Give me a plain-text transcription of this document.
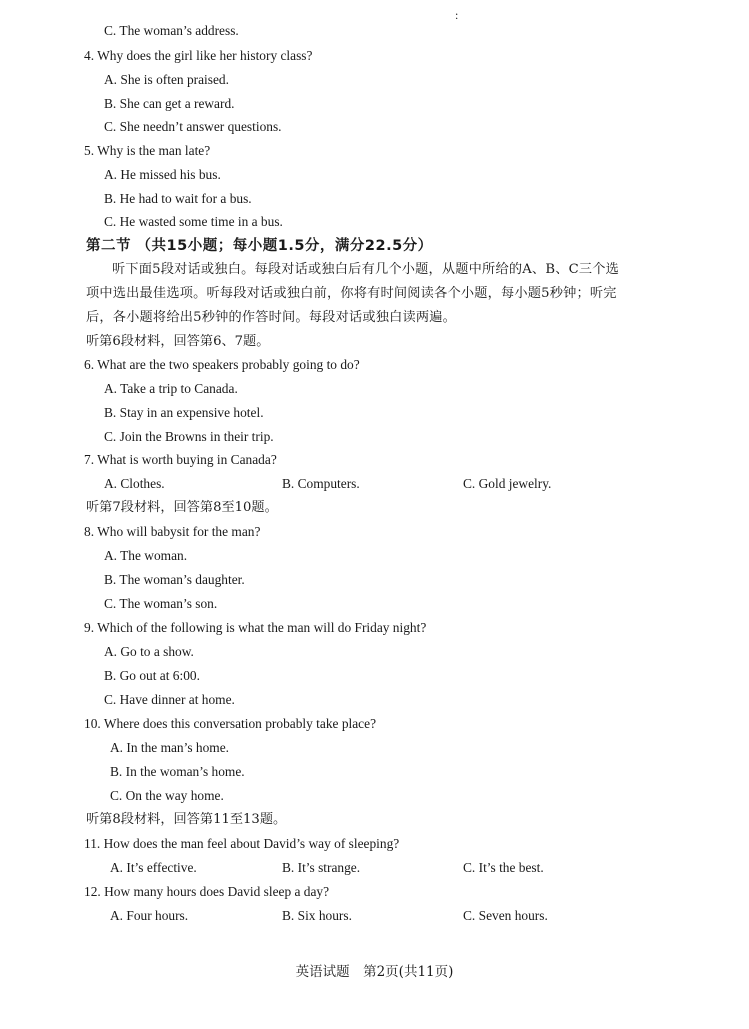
:
C. The woman’s address.
4. Why does the girl like her history class?
A. She is often praised.
B. She can get a reward.
C. She needn’t answer questions.
5. Why is the man late?
A. He missed his bus.
B. He had to wait for a bus.
C. He wasted some time in a bus.
第二节 （共15小题；每小题1.5分，满分22.5分）
听下面5段对话或独白。每段对话或独白后有几个小题，从题中所给的A、B、C三个选
项中选出最佳选项。听每段对话或独白前，你将有时间阅读各个小题，每小题5秒钟；听完
后，各小题将给出5秒钟的作答时间。每段对话或独白读两遍。
听第6段材料，回答第6、7题。
6. What are the two speakers probably going to do?
A. Take a trip to Canada.
B. Stay in an expensive hotel.
C. Join the Browns in their trip.
7. What is worth buying in Canada?
A. Clothes.	B. Computers.	C. Gold jewelry.
听第7段材料，回答第8至10题。
8. Who will babysit for the man?
A. The woman.
B. The woman’s daughter.
C. The woman’s son.
9. Which of the following is what the man will do Friday night?
A. Go to a show.
B. Go out at 6:00.
C. Have dinner at home.
10. Where does this conversation probably take place?
A. In the man’s home.
B. In the woman’s home.
C. On the way home.
听第8段材料，回答第11至13题。
11. How does the man feel about David’s way of sleeping?
A. It’s effective.	B. It’s strange.	C. It’s the best.
12. How many hours does David sleep a day?
A. Four hours.	B. Six hours.	C. Seven hours.
英语试题　第2页(共11页)
